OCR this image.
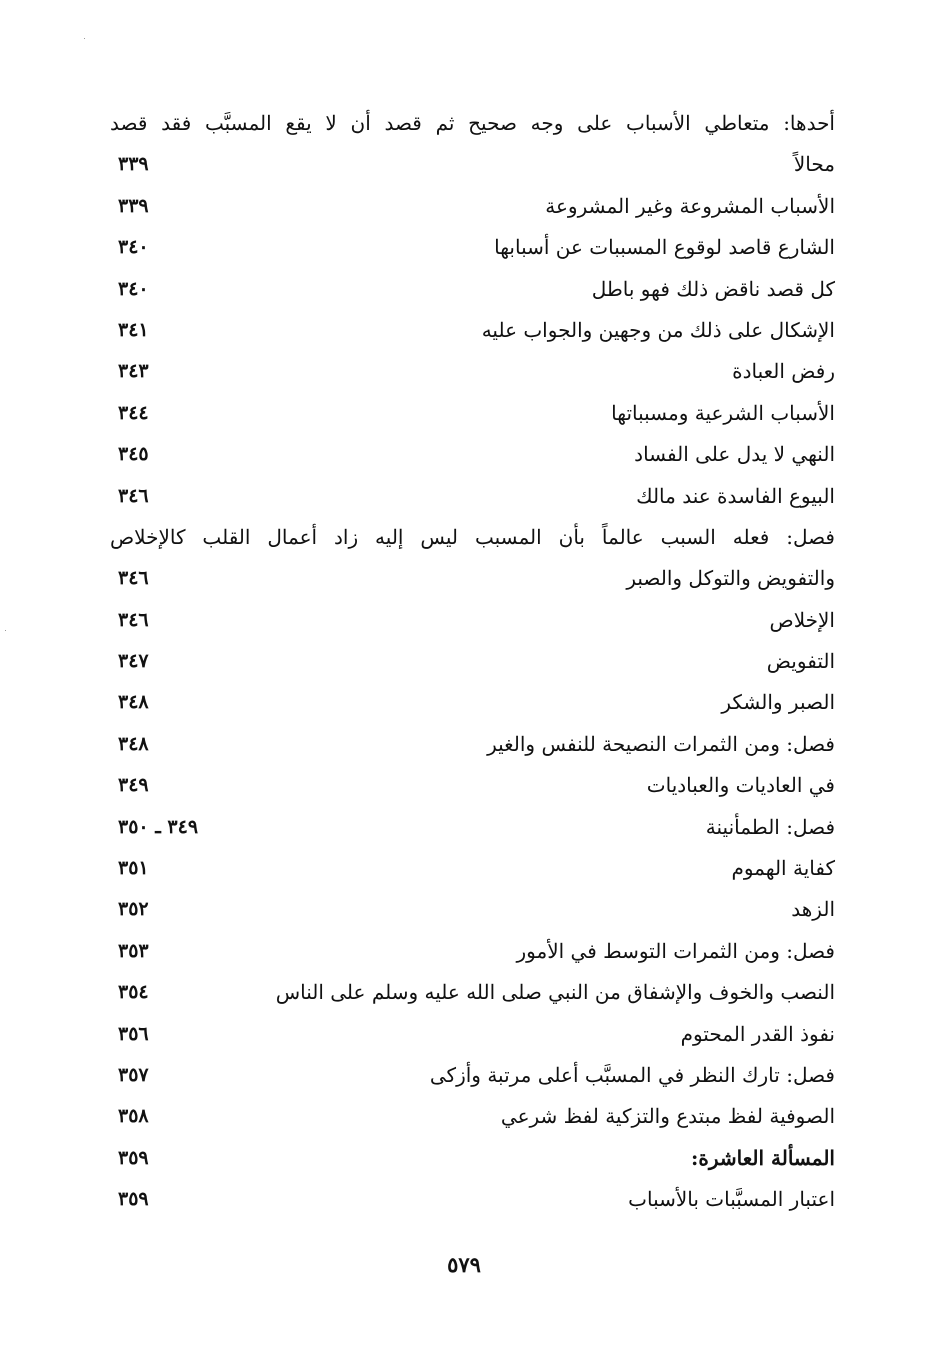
أحدها: متعاطي الأسباب على وجه صحيح ثم قصد أن لا يقع المسبَّب فقد قصد
محالاً
٣٣٩
الأسباب المشروعة وغير المشروعة
٣٣٩
الشارع قاصد لوقوع المسببات عن أسبابها
٣٤٠
كل قصد ناقض ذلك فهو باطل
٣٤٠
الإشكال على ذلك من وجهين والجواب عليه
٣٤١
رفض العبادة
٣٤٣
الأسباب الشرعية ومسبباتها
٣٤٤
النهي لا يدل على الفساد
٣٤٥
البيوع الفاسدة عند مالك
٣٤٦
فصل: فعله السبب عالماً بأن المسبب ليس إليه زاد أعمال القلب كالإخلاص
والتفويض والتوكل والصبر
٣٤٦
الإخلاص
٣٤٦
التفويض
٣٤٧
الصبر والشكر
٣٤٨
فصل: ومن الثمرات النصيحة للنفس والغير
٣٤٨
في العاديات والعباديات
٣٤٩
فصل: الطمأنينة
٣٤٩ ـ ٣٥٠
كفاية الهموم
٣٥١
الزهد
٣٥٢
فصل: ومن الثمرات التوسط في الأمور
٣٥٣
النصب والخوف والإشفاق من النبي صلى الله عليه وسلم على الناس
٣٥٤
نفوذ القدر المحتوم
٣٥٦
فصل: تارك النظر في المسبَّب أعلى مرتبة وأزكى
٣٥٧
الصوفية لفظ مبتدع والتزكية لفظ شرعي
٣٥٨
المسألة العاشرة:
٣٥٩
اعتبار المسبَّبات بالأسباب
٣٥٩
٥٧٩
